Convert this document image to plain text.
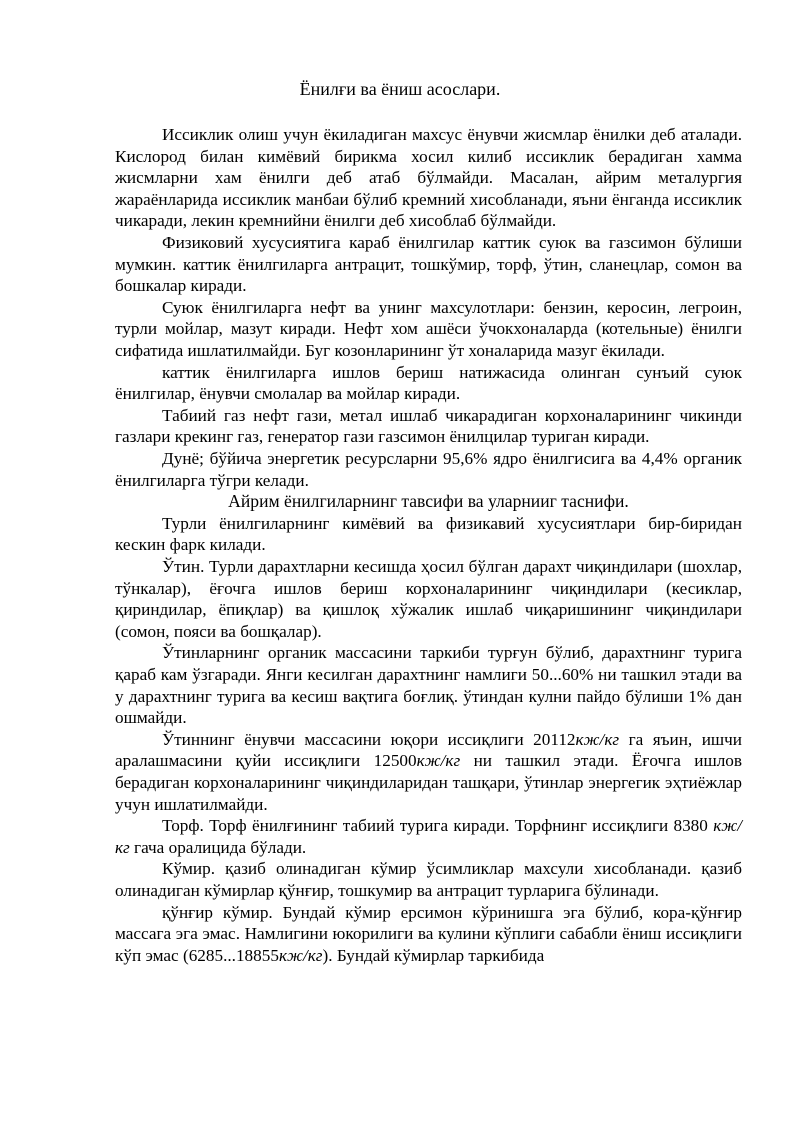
Ёнилғи ва ёниш асослари.

Иссиклик олиш учун ёкиладиган махсус ёнувчи жисмлар ёнилки деб аталади. Кислород билан кимёвий бирикма хосил килиб иссиклик берадиган хамма жисмларни хам ёнилги деб атаб бўлмайди. Масалан, айрим металургия жараёнларида иссиклик манбаи бўлиб кремний хисобланади, яъни ёнганда иссиклик чикаради, лекин кремнийни ёнилги деб хисоблаб бўлмайди.

Физиковий хусусиятига караб ёнилгилар каттик суюк ва газсимон бўлиши мумкин. каттик ёнилгиларга антрацит, тошкўмир, торф, ўтин, сланецлар, сомон ва бошкалар киради.

Суюк ёнилгиларга нефт ва унинг махсулотлари: бензин, керосин, легроин, турли мойлар, мазут киради. Нефт хом ашёси ўчокхоналарда (котельные) ёнилги сифатида ишлатилмайди. Буг козонларининг ўт хоналарида мазуг ёкилади.

каттик ёнилгиларга ишлов бериш натижасида олинган сунъий суюк ёнилгилар, ёнувчи смолалар ва мойлар киради.

Табиий газ нефт гази, метал ишлаб чикарадиган корхоналарининг чикинди газлари крекинг газ, генератор гази газсимон ёнилцилар туриган киради.

Дунё; бўйича энергетик ресурсларни 95,6% ядро ёнилгисига ва 4,4% органик ёнилгиларга тўгри келади.

Айрим ёнилгиларнинг тавсифи ва уларнииг таснифи.

Турли ёнилгиларнинг кимёвий ва физикавий хусусиятлари бир-биридан кескин фарк килади.

Ўтин. Турли дарахтларни кесишда ҳосил бўлган дарахт чиқиндилари (шохлар, тўнкалар), ёғочга ишлов бериш корхоналарининг чиқиндилари (кесиклар, қириндилар, ёпиқлар) ва қишлоқ хўжалик ишлаб чиқаришининг чиқиндилари (сомон, пояси ва бошқалар).

Ўтинларнинг органик массасини таркиби турғун бўлиб, дарахтнинг турига қараб кам ўзгаради. Янги кесилган дарахтнинг намлиги 50...60% ни ташкил этади ва у дарахтнинг турига ва кесиш вақтига боғлиқ. ўтиндан кулни пайдо бўлиши 1% дан ошмайди.

Ўтиннинг ёнувчи массасини юқори иссиқлиги 20112кж/кг га яъин, ишчи аралашмасини қуйи иссиқлиги 12500кж/кг ни ташкил этади. Ёғочга ишлов берадиган корхоналарининг чиқиндиларидан ташқари, ўтинлар энергегик эҳтиёжлар учун ишлатилмайди.

Торф. Торф ёнилғининг табиий турига киради. Торфнинг иссиқлиги 8380 кж/кг гача оралицида бўлади.

Кўмир. қазиб олинадиган кўмир ўсимликлар махсули хисобланади. қазиб олинадиган кўмирлар қўнғир, тошкумир ва антрацит турларига бўлинади.

қўнғир кўмир. Бундай кўмир ерсимон кўринишга эга бўлиб, кора-қўнғир массага эга эмас. Намлигини юкорилиги ва кулини кўплиги сабабли ёниш иссиқлиги кўп эмас (6285...18855кж/кг). Бундай кўмирлар таркибида
